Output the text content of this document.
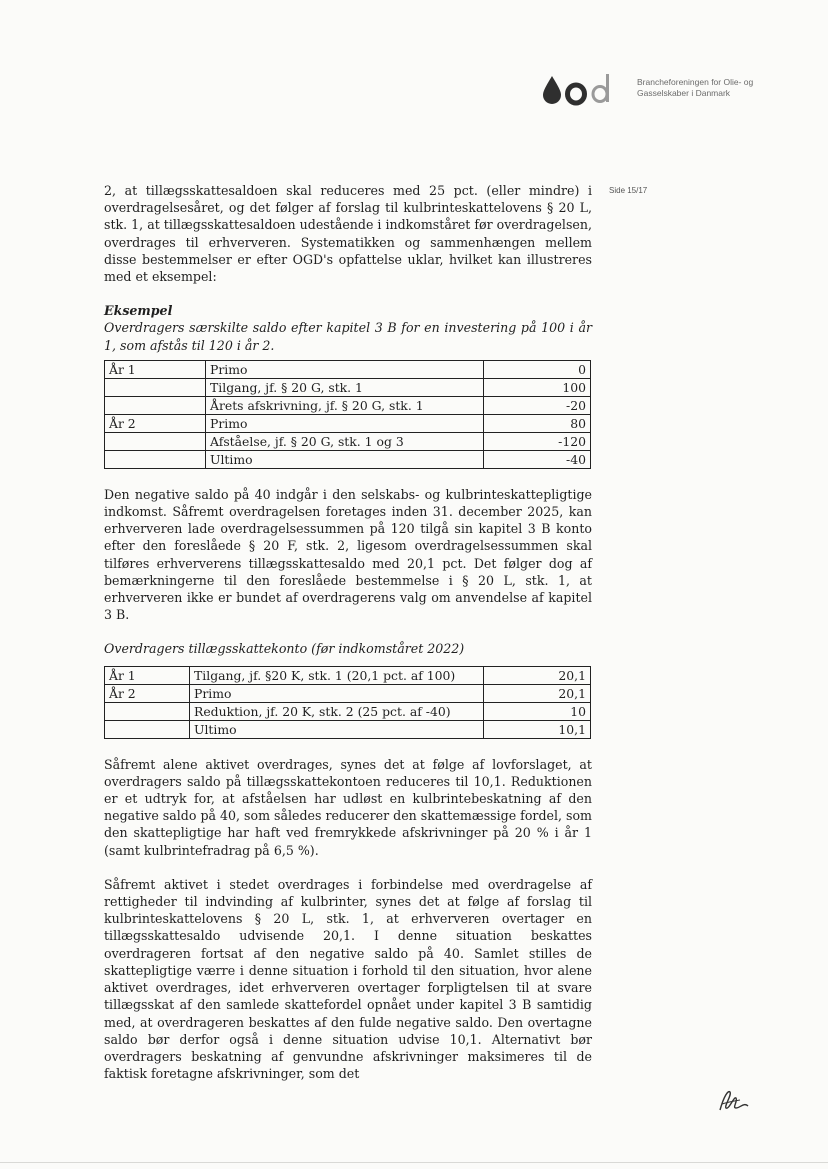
Brancheforeningen for Olie- og
Gasselskaber i Danmark
Side 15/17

2, at tillægsskattesaldoen skal reduceres med 25 pct. (eller mindre) i overdragelsesåret, og det følger af forslag til kulbrinteskattelovens § 20 L, stk. 1, at tillægsskattesaldoen udestående i indkomståret før overdragelsen, overdrages til erhververen. Systematikken og sammenhængen mellem disse bestemmelser er efter OGD's opfattelse uklar, hvilket kan illustreres med et eksempel:

Eksempel

Overdragers særskilte saldo efter kapitel 3 B for en investering på 100 i år 1, som afstås til 120 i år 2.

År 1	Primo	0
	Tilgang, jf. § 20 G, stk. 1	100
	Årets afskrivning, jf. § 20 G, stk. 1	-20
År 2	Primo	80
	Afståelse, jf. § 20 G, stk. 1 og 3	-120
	Ultimo	-40

Den negative saldo på 40 indgår i den selskabs- og kulbrinteskattepligtige indkomst. Såfremt overdragelsen foretages inden 31. december 2025, kan erhververen lade overdragelsessummen på 120 tilgå sin kapitel 3 B konto efter den foreslåede § 20 F, stk. 2, ligesom overdragelsessummen skal tilføres erhververens tillægsskattesaldo med 20,1 pct. Det følger dog af bemærkningerne til den foreslåede bestemmelse i § 20 L, stk. 1, at erhververen ikke er bundet af overdragerens valg om anvendelse af kapitel 3 B.

Overdragers tillægsskattekonto (før indkomståret 2022)

År 1	Tilgang, jf. §20 K, stk. 1 (20,1 pct. af 100)	20,1
År 2	Primo	20,1
	Reduktion, jf. 20 K, stk. 2 (25 pct. af -40)	10
	Ultimo	10,1

Såfremt alene aktivet overdrages, synes det at følge af lovforslaget, at overdragers saldo på tillægsskattekontoen reduceres til 10,1. Reduktionen er et udtryk for, at afståelsen har udløst en kulbrintebeskatning af den negative saldo på 40, som således reducerer den skattemæssige fordel, som den skattepligtige har haft ved fremrykkede afskrivninger på 20 % i år 1 (samt kulbrintefradrag på 6,5 %).

Såfremt aktivet i stedet overdrages i forbindelse med overdragelse af rettigheder til indvinding af kulbrinter, synes det at følge af forslag til kulbrinteskattelovens § 20 L, stk. 1, at erhververen overtager en tillægsskattesaldo udvisende 20,1. I denne situation beskattes overdrageren fortsat af den negative saldo på 40. Samlet stilles de skattepligtige værre i denne situation i forhold til den situation, hvor alene aktivet overdrages, idet erhververen overtager forpligtelsen til at svare tillægsskat af den samlede skattefordel opnået under kapitel 3 B samtidig med, at overdrageren beskattes af den fulde negative saldo. Den overtagne saldo bør derfor også i denne situation udvise 10,1. Alternativt bør overdragers beskatning af genvundne afskrivninger maksimeres til de faktisk foretagne afskrivninger, som det
